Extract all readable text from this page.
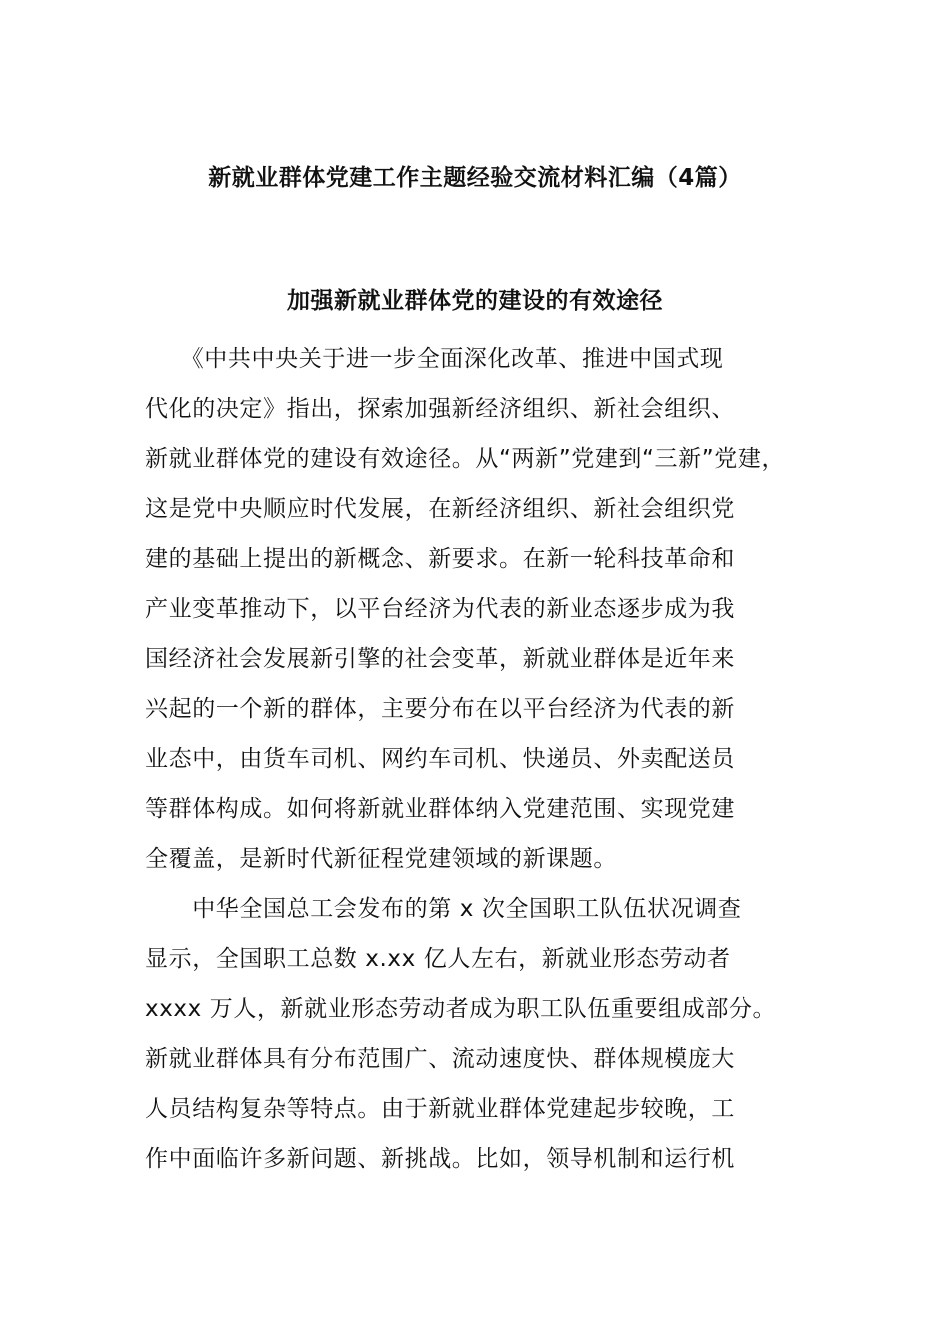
新就业群体党建工作主题经验交流材料汇编（4篇）
加强新就业群体党的建设的有效途径
　　《中共中央关于进一步全面深化改革、推进中国式现
代化的决定》指出，探索加强新经济组织、新社会组织、
新就业群体党的建设有效途径。从“两新”党建到“三新”党建，
这是党中央顺应时代发展，在新经济组织、新社会组织党
建的基础上提出的新概念、新要求。在新一轮科技革命和
产业变革推动下，以平台经济为代表的新业态逐步成为我
国经济社会发展新引擎的社会变革，新就业群体是近年来
兴起的一个新的群体，主要分布在以平台经济为代表的新
业态中，由货车司机、网约车司机、快递员、外卖配送员
等群体构成。如何将新就业群体纳入党建范围、实现党建
全覆盖，是新时代新征程党建领域的新课题。
　　中华全国总工会发布的第 x 次全国职工队伍状况调查
显示，全国职工总数 x.xx 亿人左右，新就业形态劳动者
xxxx 万人，新就业形态劳动者成为职工队伍重要组成部分。
新就业群体具有分布范围广、流动速度快、群体规模庞大
人员结构复杂等特点。由于新就业群体党建起步较晚，工
作中面临许多新问题、新挑战。比如，领导机制和运行机
